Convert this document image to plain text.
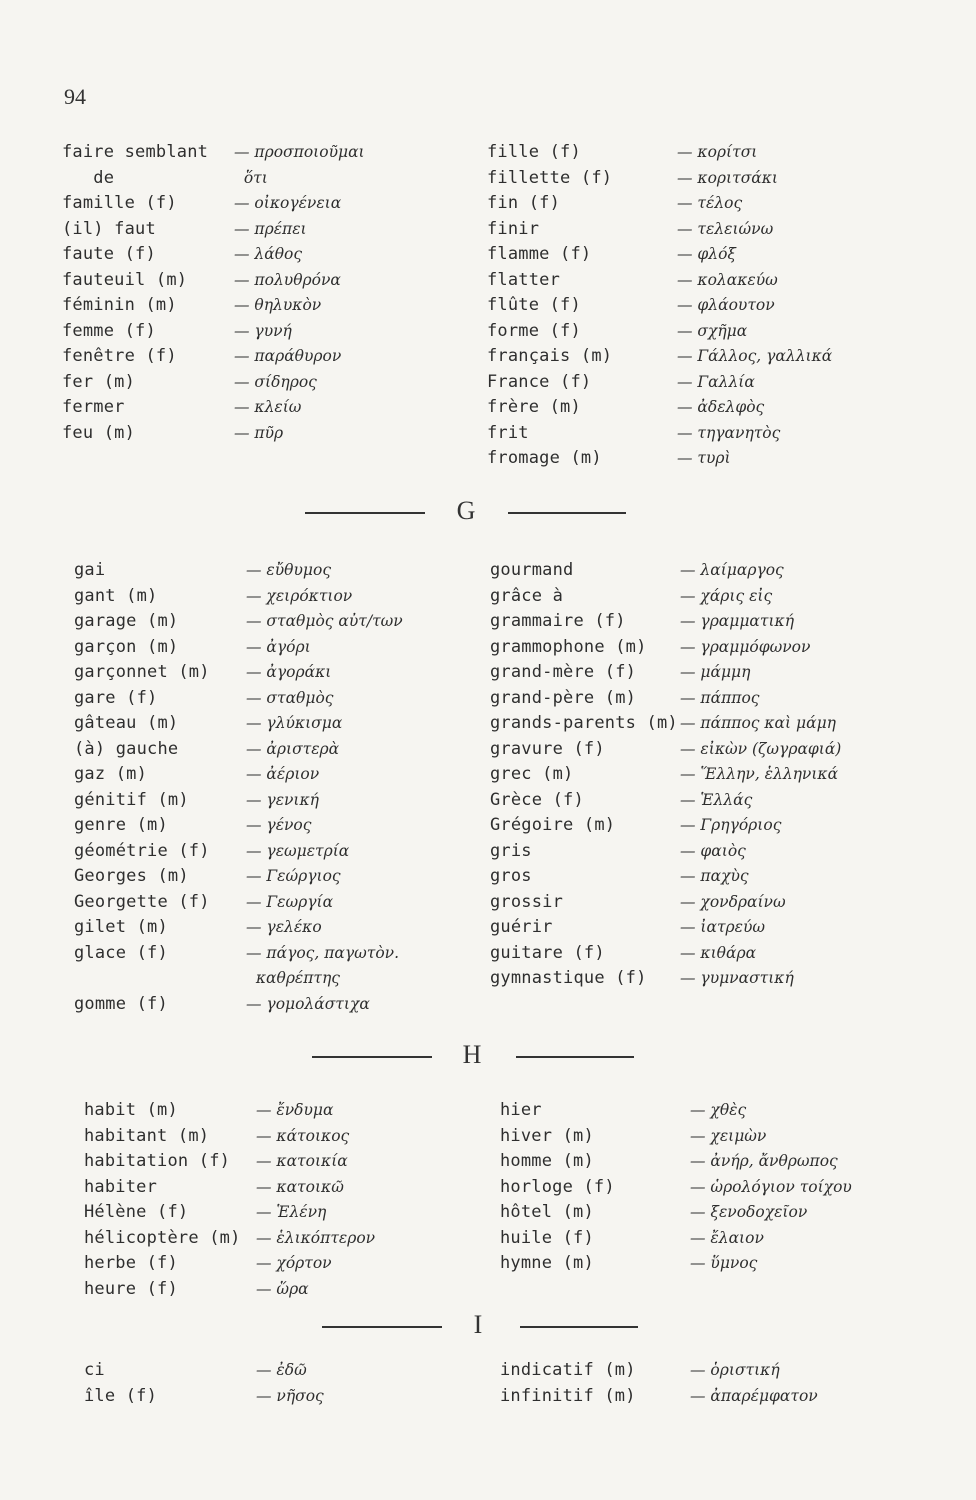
94
faire semblant — προσποιοῦμαι
de	ὅτι
famille (f)	— οἰκογένεια
(il) faut	— πρέπει
faute (f)	— λάθος
fauteuil (m)	— πολυθρόνα
féminin (m)	— θηλυκὸν
femme (f)	— γυνή
fenêtre (f)	— παράθυρον
fer (m)	— σίδηρος
fermer	— κλείω
feu (m)	— πῦρ
fille (f)	— κορίτσι
fillette (f)	— κοριτσάκι
fin (f)	— τέλος
finir	— τελειώνω
flamme (f)	— φλόξ
flatter	— κολακεύω
flûte (f)	— φλάουτον
forme (f)	— σχῆμα
français (m)	— Γάλλος, γαλλικά
France (f)	— Γαλλία
frère (m)	— ἀδελφὸς
frit	— τηγανητὸς
fromage (m)	— τυρὶ
G
gai	— εὔθυμος
gant (m)	— χειρόκτιον
garage (m)	— σταθμὸς αὐτ/των
garçon (m)	— ἀγόρι
garçonnet (m) — ἀγοράκι
gare (f)	— σταθμὸς
gâteau (m)	— γλύκισμα
(à) gauche	— ἀριστερὰ
gaz (m)	— ἀέριον
génitif (m)	— γενική
genre (m)	— γένος
géométrie (f) — γεωμετρία
Georges (m)	— Γεώργιος
Georgette (f) — Γεωργία
gilet (m)	— γελέκο
glace (f)	— πάγος, παγωτὸν.
καθρέπτης
gomme (f)	— γομολάστιχα
gourmand	— λαίμαργος
grâce à	— χάρις εἰς
grammaire (f)	— γραμματική
grammophone (m) — γραμμόφωνον
grand-mère (f)	— μάμμη
grand-père (m)	— πάππος
grands-parents (m) — πάππος καὶ μάμη
gravure (f)	— εἰκὼν (ζωγραφιά)
grec (m)	— Ἕλλην, ἑλληνικά
Grèce (f)	— Ἑλλάς
Grégoire (m)	— Γρηγόριος
gris	— φαιὸς
gros	— παχὺς
grossir	— χονδραίνω
guérir	— ἰατρεύω
guitare (f)	— κιθάρα
gymnastique (f) — γυμναστική
H
habit (m)	— ἔνδυμα
habitant (m)	— κάτοικος
habitation (f) — κατοικία
habiter	— κατοικῶ
Hélène (f)	— Ἑλένη
hélicoptère (m) — ἑλικόπτερον
herbe (f)	— χόρτον
heure (f)	— ὥρα
hier	— χθὲς
hiver (m)	— χειμὼν
homme (m)	— ἀνήρ, ἄνθρωπος
horloge (f)	— ὡρολόγιον τοίχου
hôtel (m)	— ξενοδοχεῖον
huile (f)	— ἔλαιον
hymne (m)	— ὕμνος
I
ci	— ἐδῶ
île (f)	— νῆσος
indicatif (m)	— ὁριστική
infinitif (m)	— ἀπαρέμφατον
